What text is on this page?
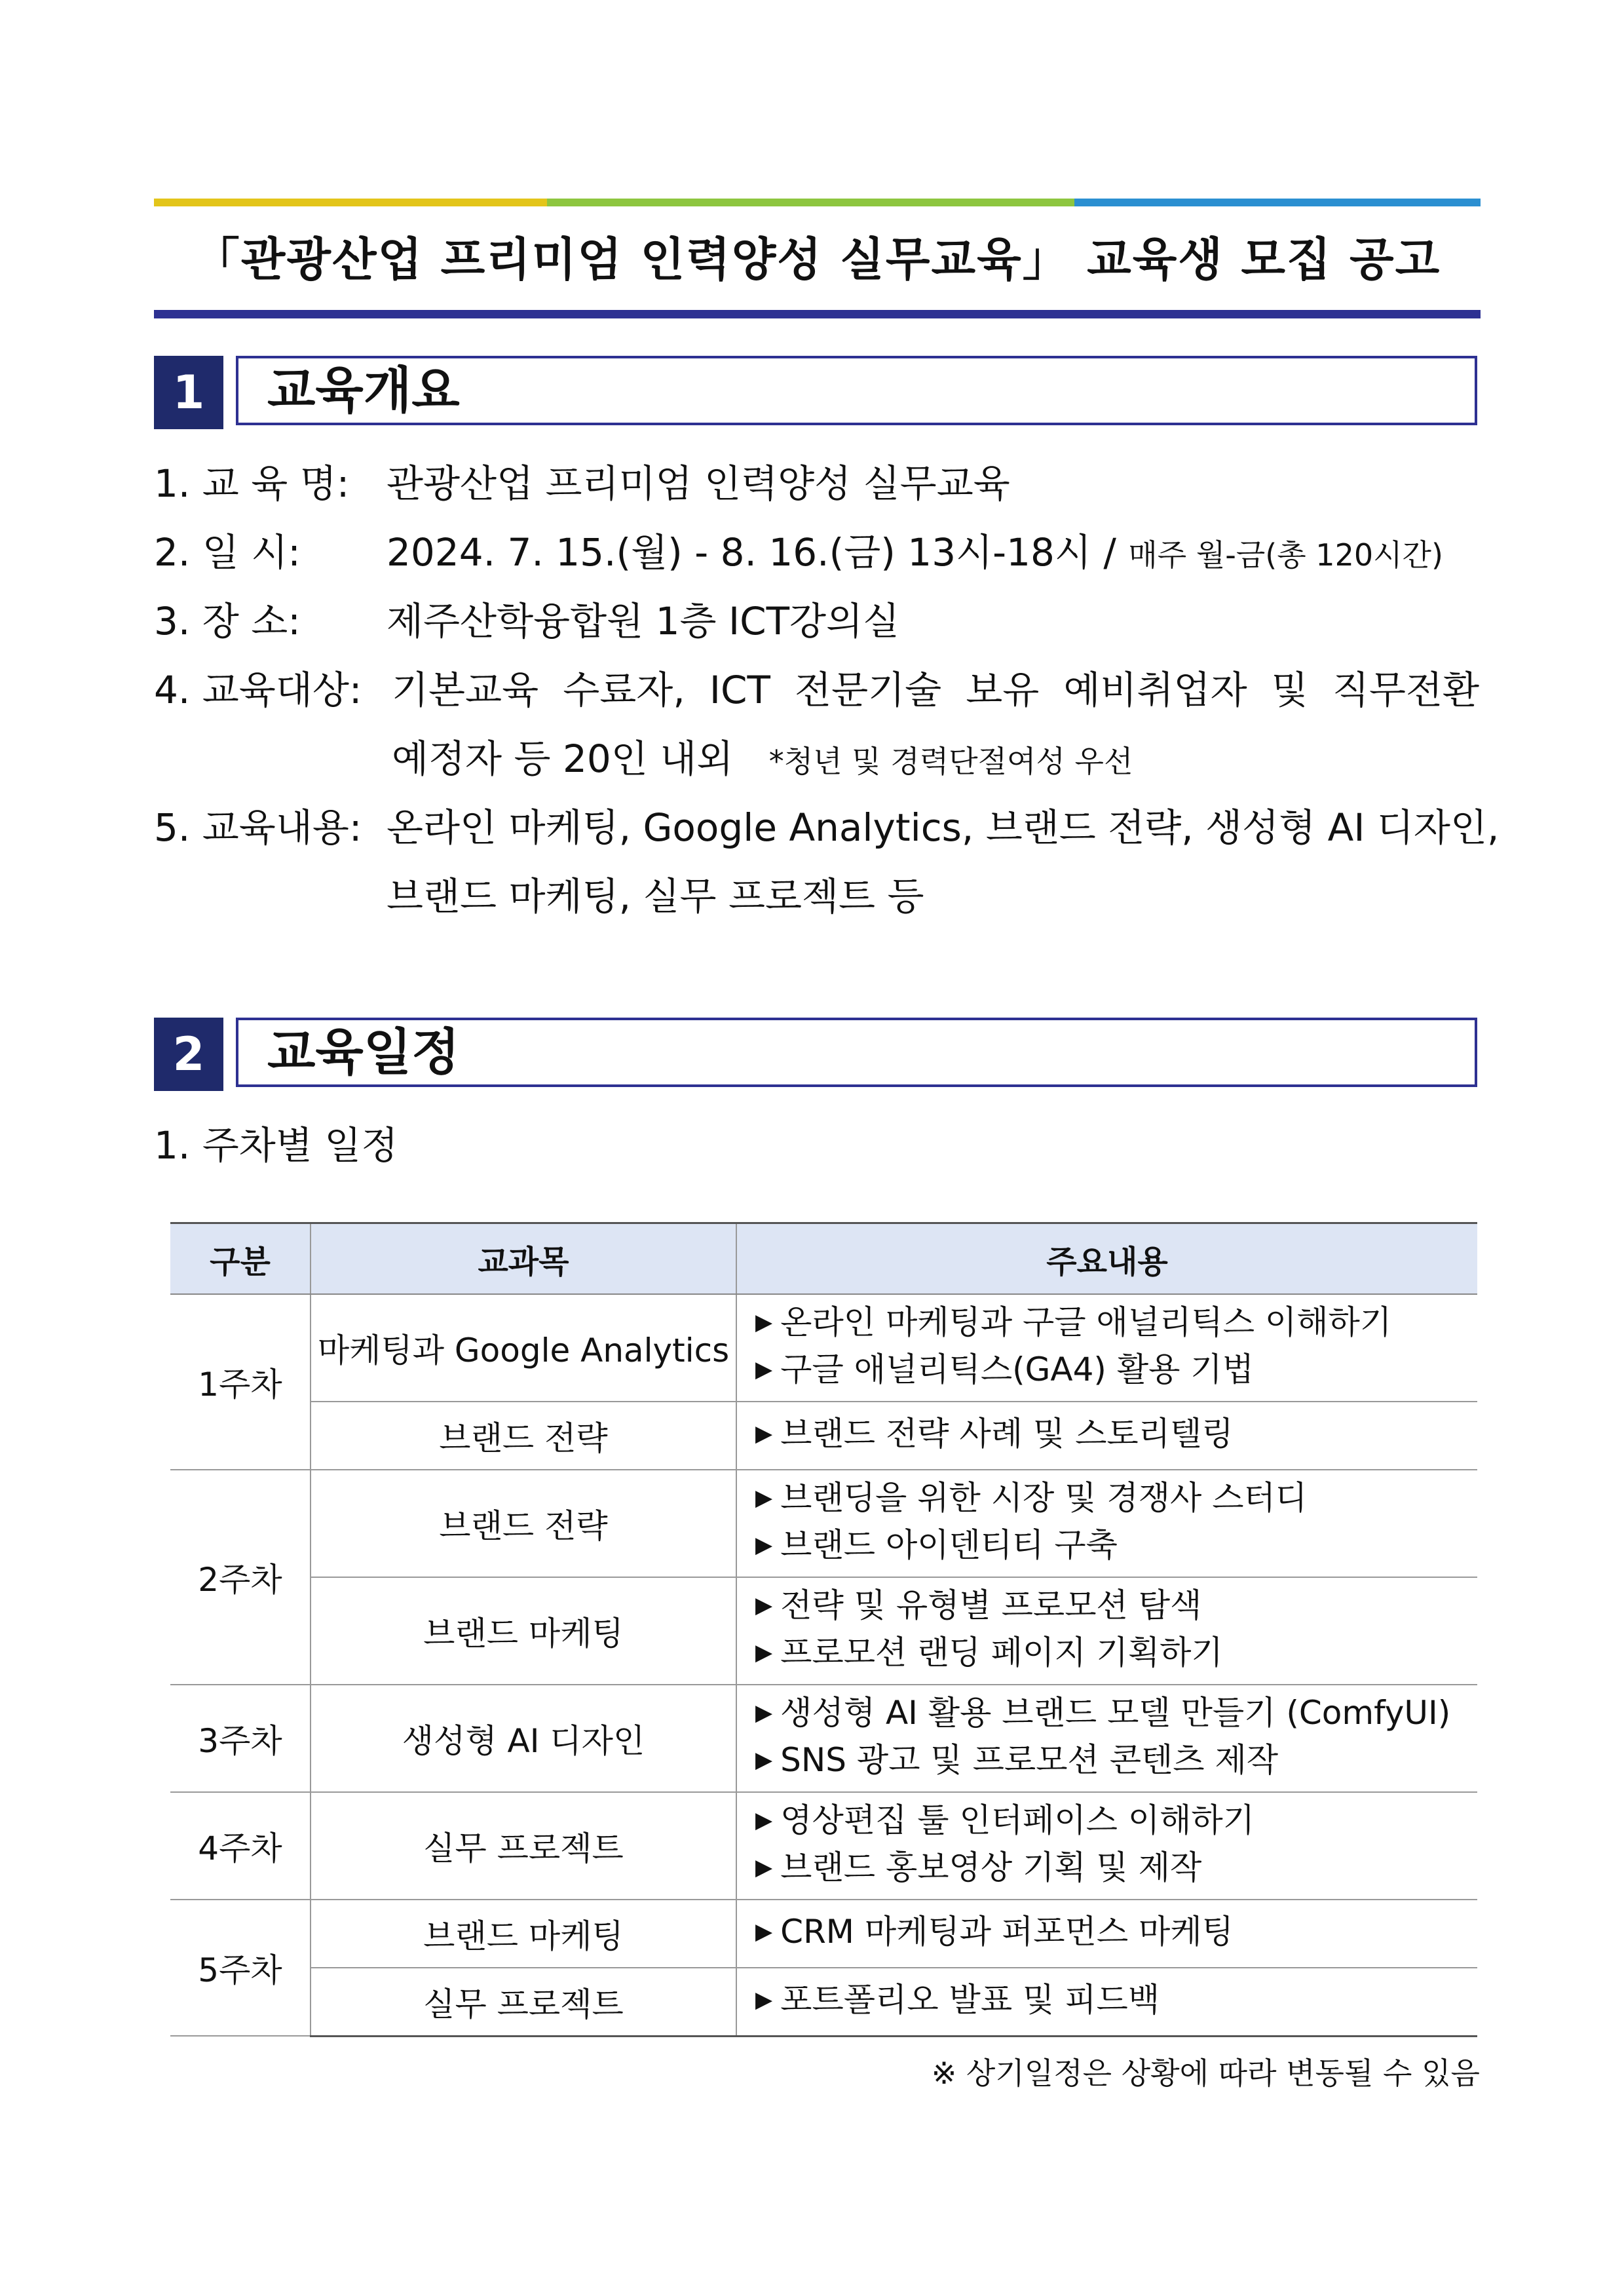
「관광산업 프리미엄 인력양성 실무교육」 교육생 모집 공고
1	교육개요
1. 교 육 명: 관광산업 프리미엄 인력양성 실무교육
2. 일 시: 2024. 7. 15.(월) - 8. 16.(금) 13시-18시 / 매주 월-금(총 120시간)
3. 장 소: 제주산학융합원 1층 ICT강의실
4. 교육대상: 기본교육 수료자, ICT 전문기술 보유 예비취업자 및 직무전환
예정자 등 20인 내외 *청년 및 경력단절여성 우선
5. 교육내용: 온라인 마케팅, Google Analytics, 브랜드 전략, 생성형 AI 디자인,
브랜드 마케팅, 실무 프로젝트 등
2	교육일정
1. 주차별 일정
구분	교과목	주요내용
1주차	마케팅과 Google Analytics	▶ 온라인 마케팅과 구글 애널리틱스 이해하기
▶ 구글 애널리틱스(GA4) 활용 기법

	브랜드 전략	▶ 브랜드 전략 사례 및 스토리텔링

2주차	브랜드 전략	▶ 브랜딩을 위한 시장 및 경쟁사 스터디
▶ 브랜드 아이덴티티 구축

	브랜드 마케팅	▶ 전략 및 유형별 프로모션 탐색
▶ 프로모션 랜딩 페이지 기획하기

3주차	생성형 AI 디자인	▶ 생성형 AI 활용 브랜드 모델 만들기 (ComfyUI)
▶ SNS 광고 및 프로모션 콘텐츠 제작

4주차	실무 프로젝트	▶ 영상편집 툴 인터페이스 이해하기
▶ 브랜드 홍보영상 기획 및 제작

5주차	브랜드 마케팅	▶ CRM 마케팅과 퍼포먼스 마케팅

	실무 프로젝트	▶ 포트폴리오 발표 및 피드백
※ 상기일정은 상황에 따라 변동될 수 있음
